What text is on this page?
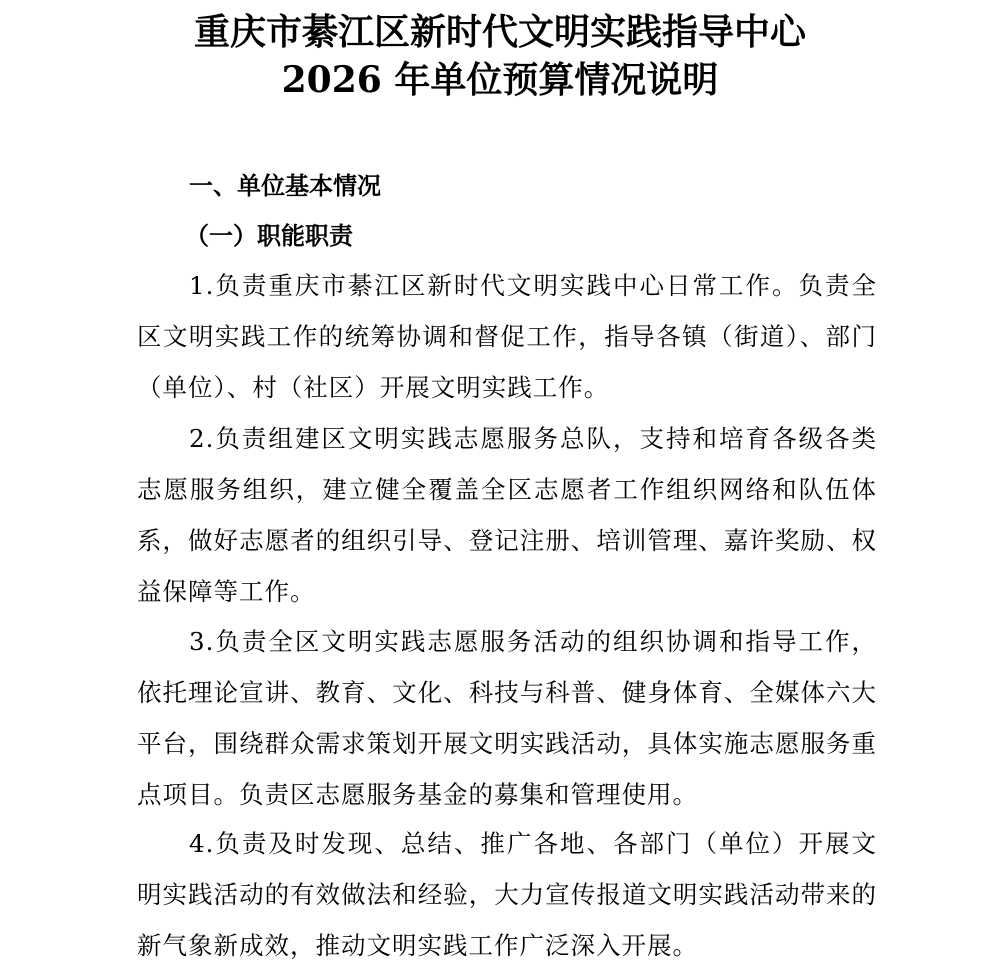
重庆市綦江区新时代文明实践指导中心
2026 年单位预算情况说明
一、单位基本情况
（一）职能职责

1.负责重庆市綦江区新时代文明实践中心日常工作。负责全区文明实践工作的统筹协调和督促工作，指导各镇（街道）、部门（单位）、村（社区）开展文明实践工作。

2.负责组建区文明实践志愿服务总队，支持和培育各级各类志愿服务组织，建立健全覆盖全区志愿者工作组织网络和队伍体系，做好志愿者的组织引导、登记注册、培训管理、嘉许奖励、权益保障等工作。

3.负责全区文明实践志愿服务活动的组织协调和指导工作，依托理论宣讲、教育、文化、科技与科普、健身体育、全媒体六大平台，围绕群众需求策划开展文明实践活动，具体实施志愿服务重点项目。负责区志愿服务基金的募集和管理使用。

4.负责及时发现、总结、推广各地、各部门（单位）开展文明实践活动的有效做法和经验，大力宣传报道文明实践活动带来的新气象新成效，推动文明实践工作广泛深入开展。
